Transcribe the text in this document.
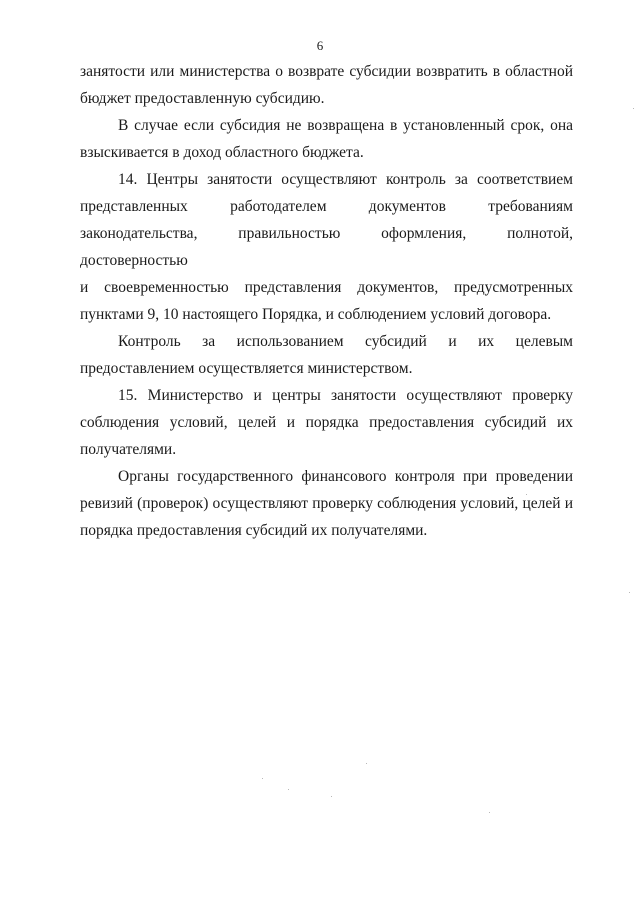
6
занятости или министерства о возврате субсидии возвратить в областной
бюджет предоставленную субсидию.
В случае если субсидия не возвращена в установленный срок, она
взыскивается в доход областного бюджета.
14. Центры занятости осуществляют контроль за соответствием
представленных работодателем документов требованиям
законодательства, правильностью оформления, полнотой, достоверностью
и своевременностью представления документов, предусмотренных
пунктами 9, 10 настоящего Порядка, и соблюдением условий договора.
Контроль за использованием субсидий и их целевым
предоставлением осуществляется министерством.
15. Министерство и центры занятости осуществляют проверку
соблюдения условий, целей и порядка предоставления субсидий их
получателями.
Органы государственного финансового контроля при проведении
ревизий (проверок) осуществляют проверку соблюдения условий, целей и
порядка предоставления субсидий их получателями.
